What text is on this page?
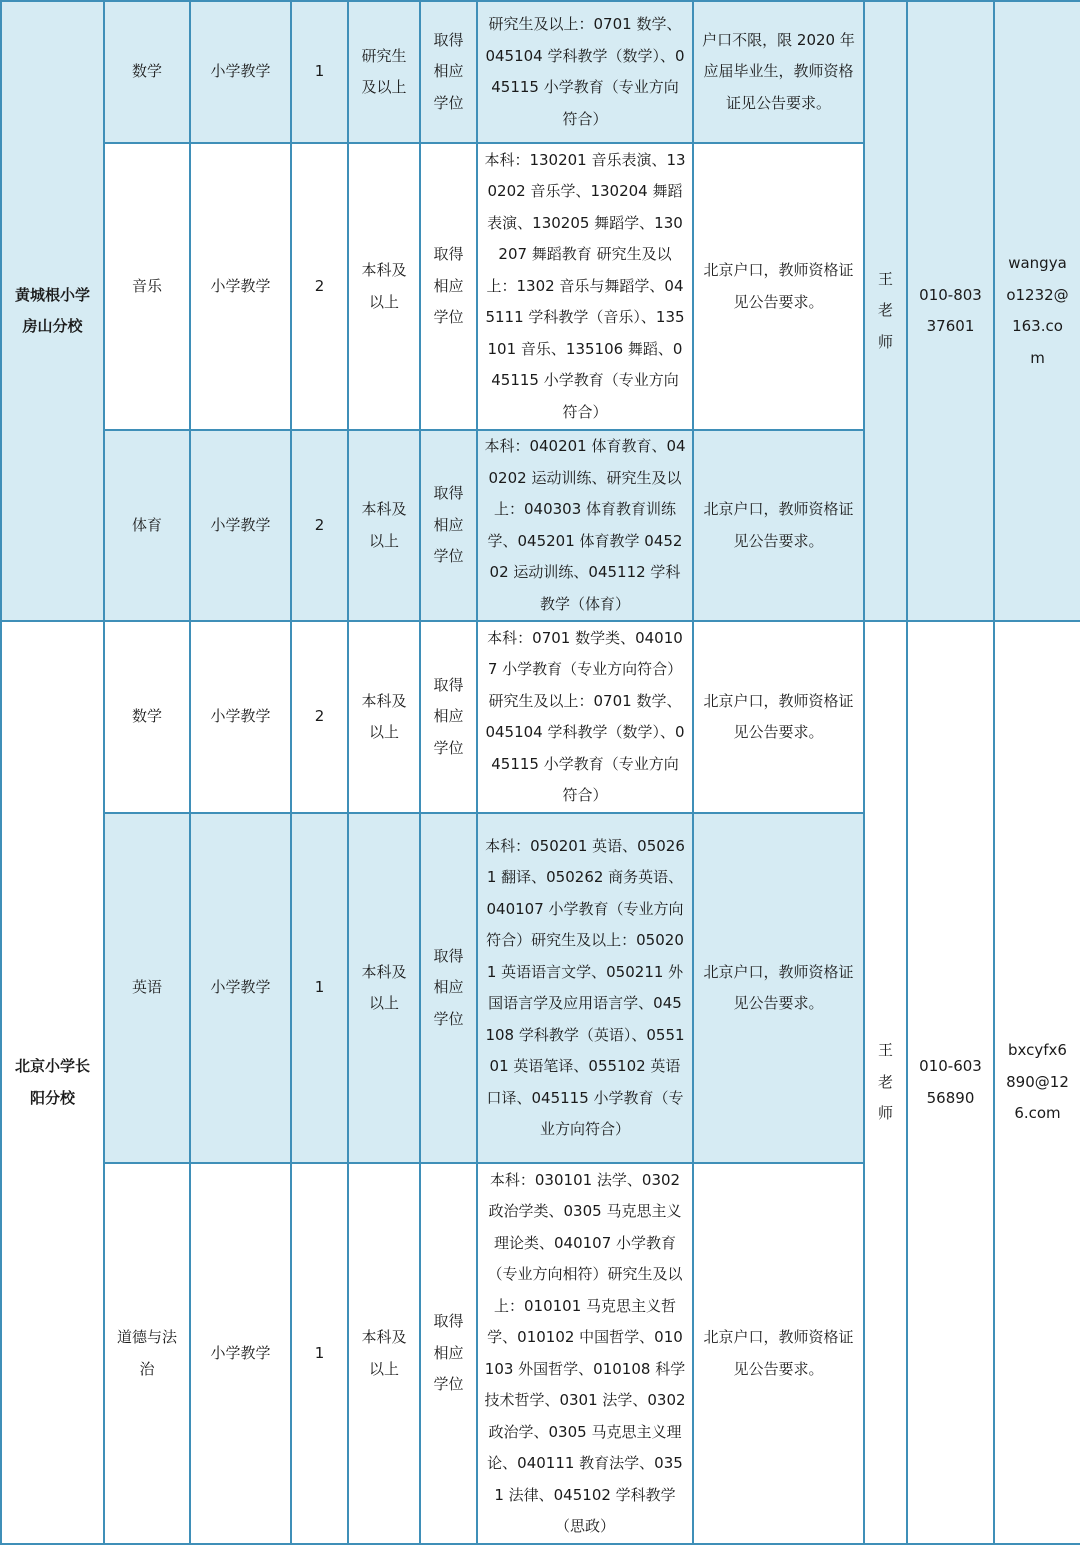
黄城根小学房山分校	数学	小学教学	1	研究生及以上	取得相应学位	研究生及以上：0701 数学、045104 学科教学（数学）、045115 小学教育（专业方向符合）	户口不限，限 2020 年应届毕业生，教师资格证见公告要求。	王老师	010-80337601	wangyao1232@163.com
	音乐	小学教学	2	本科及以上	取得相应学位	本科：130201 音乐表演、130202 音乐学、130204 舞蹈表演、130205 舞蹈学、130207 舞蹈教育 研究生及以上：1302 音乐与舞蹈学、045111 学科教学（音乐）、135101 音乐、135106 舞蹈、045115 小学教育（专业方向符合）	北京户口，教师资格证见公告要求。			
	体育	小学教学	2	本科及以上	取得相应学位	本科：040201 体育教育、040202 运动训练、研究生及以上：040303 体育教育训练学、045201 体育教学 045202 运动训练、045112 学科教学（体育）	北京户口，教师资格证见公告要求。			
北京小学长阳分校	数学	小学教学	2	本科及以上	取得相应学位	本科：0701 数学类、040107 小学教育（专业方向符合）研究生及以上：0701 数学、045104 学科教学（数学）、045115 小学教育（专业方向符合）	北京户口，教师资格证见公告要求。	王老师	010-60356890	bxcyfx6890@126.com
	英语	小学教学	1	本科及以上	取得相应学位	本科：050201 英语、050261 翻译、050262 商务英语、040107 小学教育（专业方向符合）研究生及以上：050201 英语语言文学、050211 外国语言学及应用语言学、045108 学科教学（英语）、055101 英语笔译、055102 英语口译、045115 小学教育（专业方向符合）	北京户口，教师资格证见公告要求。			
	道德与法治	小学教学	1	本科及以上	取得相应学位	本科：030101 法学、0302 政治学类、0305 马克思主义理论类、040107 小学教育（专业方向相符）研究生及以上：010101 马克思主义哲学、010102 中国哲学、010103 外国哲学、010108 科学技术哲学、0301 法学、0302 政治学、0305 马克思主义理论、040111 教育法学、0351 法律、045102 学科教学（思政）	北京户口，教师资格证见公告要求。			
